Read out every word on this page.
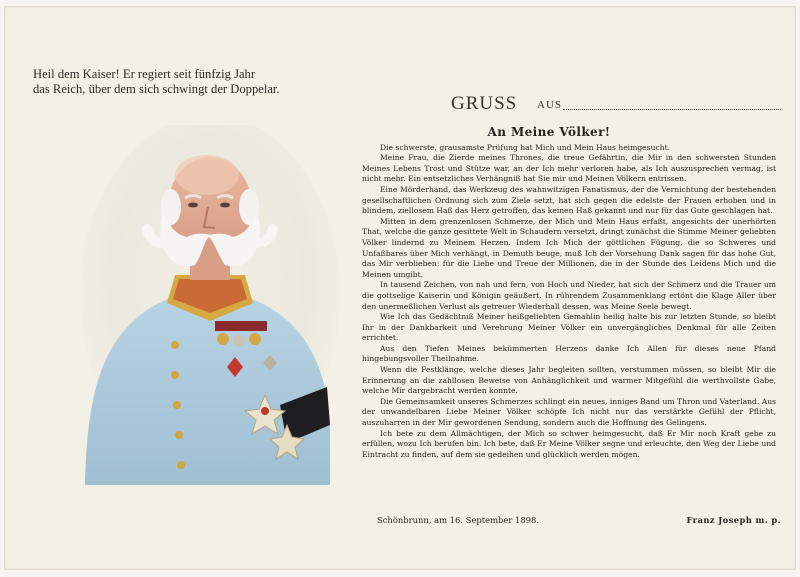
Heil dem Kaiser! Er regiert seit fünfzig Jahr
das Reich, über dem sich schwingt der Doppelar.
GRUSS AUS
An Meine Völker!

Die schwerste, grausamste Prüfung hat Mich und Mein Haus heimgesucht.

Meine Frau, die Zierde meines Thrones, die treue Gefährtin, die Mir in den schwersten Stunden Meines Lebens Trost und Stütze war, an der Ich mehr verloren habe, als Ich auszusprechen vermag, ist nicht mehr. Ein entsetzliches Verhängniß hat Sie mir und Meinen Völkern entrissen.

Eine Mörderhand, das Werkzeug des wahnwitzigen Fanatismus, der die Vernichtung der bestehenden gesellschaftlichen Ordnung sich zum Ziele setzt, hat sich gegen die edelste der Frauen erhoben und in blindem, ziellosem Haß das Herz getroffen, das keinen Haß gekannt und nur für das Gute geschlagen hat.

Mitten in dem grenzenlosen Schmerze, der Mich und Mein Haus erfaßt, angesichts der unerhörten That, welche die ganze gesittete Welt in Schaudern versetzt, dringt zunächst die Stimme Meiner geliebten Völker lindernd zu Meinem Herzen. Indem Ich Mich der göttlichen Fügung, die so Schweres und Unfaßbares über Mich verhängt, in Demuth beuge, muß Ich der Vorsehung Dank sagen für das hohe Gut, das Mir verblieben: für die Liebe und Treue der Millionen, die in der Stunde des Leidens Mich und die Meinen umgibt.

In tausend Zeichen, von nah und fern, von Hoch und Nieder, hat sich der Schmerz und die Trauer um die gottselige Kaiserin und Königin geäußert. In rührendem Zusammenklang ertönt die Klage Aller über den unermeßlichen Verlust als getreuer Wiederhall dessen, was Meine Seele bewegt.

Wie Ich das Gedächtniß Meiner heißgeliebten Gemahlin heilig halte bis zur letzten Stunde, so bleibt Ihr in der Dankbarkeit und Verehrung Meiner Völker ein unvergängliches Denkmal für alle Zeiten errichtet.

Aus den Tiefen Meines bekümmerten Herzens danke Ich Allen für dieses neue Pfand hingebungsvoller Theilnahme.

Wenn die Festklänge, welche dieses Jahr begleiten sollten, verstummen müssen, so bleibt Mir die Erinnerung an die zahllosen Beweise von Anhänglichkeit und warmer Mitgefühl die werthvollste Gabe, welche Mir dargebracht werden konnte.

Die Gemeinsamkeit unseres Schmerzes schlingt ein neues, inniges Band um Thron und Vaterland. Aus der unwandelbaren Liebe Meiner Völker schöpfe Ich nicht nur das verstärkte Gefühl der Pflicht, auszuharren in der Mir gewordenen Sendung, sondern auch die Hoffnung des Gelingens.

Ich bete zu dem Allmächtigen, der Mich so schwer heimgesucht, daß Er Mir noch Kraft gebe zu erfüllen, wozu Ich berufen bin. Ich bete, daß Er Meine Völker segne und erleuchte, den Weg der Liebe und Eintracht zu finden, auf dem sie gedeihen und glücklich werden mögen.

Schönbrunn, am 16. September 1898.	Franz Joseph m. p.
